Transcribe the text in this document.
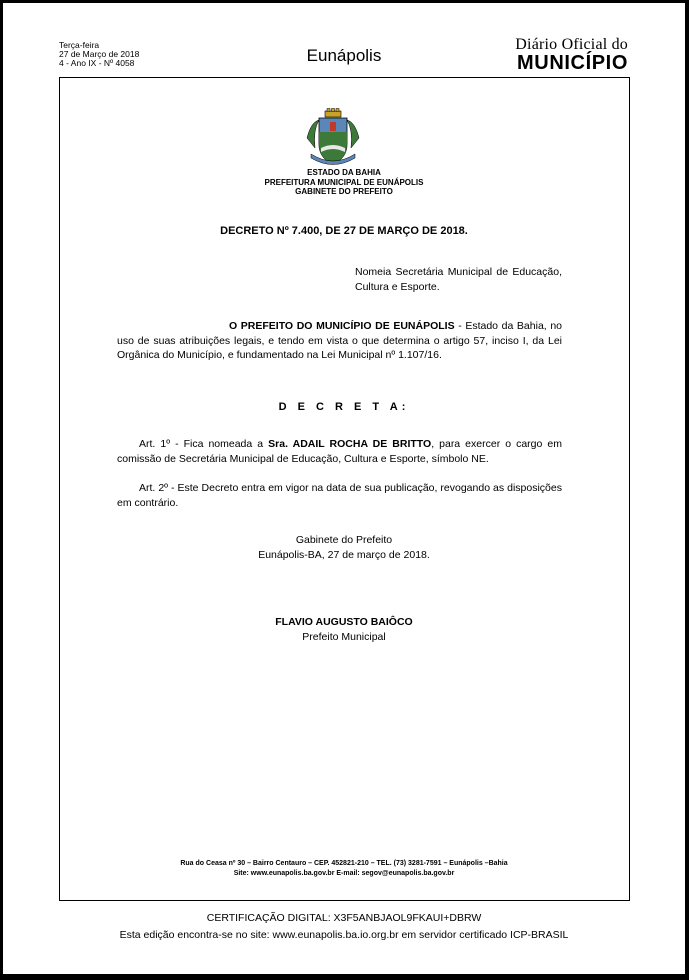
Terça-feira
27 de Março de 2018
4 - Ano IX - Nº 4058	Eunápolis
Diário Oficial do
MUNICÍPIO
ESTADO DA BAHIA
PREFEITURA MUNICIPAL DE EUNÁPOLIS
GABINETE DO PREFEITO
DECRETO Nº 7.400, DE 27 DE MARÇO DE 2018.
Nomeia Secretária Municipal de Educação, Cultura e Esporte.
O PREFEITO DO MUNICÍPIO DE EUNÁPOLIS - Estado da Bahia, no uso de suas atribuições legais, e tendo em vista o que determina o artigo 57, inciso I, da Lei Orgânica do Município, e fundamentado na Lei Municipal nº 1.107/16.
D E C R E T A:
Art. 1º - Fica nomeada a Sra. ADAIL ROCHA DE BRITTO, para exercer o cargo em comissão de Secretária Municipal de Educação, Cultura e Esporte, símbolo NE.
Art. 2º - Este Decreto entra em vigor na data de sua publicação, revogando as disposições em contrário.
Gabinete do Prefeito
Eunápolis-BA, 27 de março de 2018.
FLAVIO AUGUSTO BAIÔCO
Prefeito Municipal
Rua do Ceasa nº 30 – Bairro Centauro – CEP. 452821-210 – TEL. (73) 3281-7591 – Eunápolis –Bahia
Site: www.eunapolis.ba.gov.br E-mail: segov@eunapolis.ba.gov.br
CERTIFICAÇÃO DIGITAL: X3F5ANBJAOL9FKAUI+DBRW
Esta edição encontra-se no site: www.eunapolis.ba.io.org.br em servidor certificado ICP-BRASIL
